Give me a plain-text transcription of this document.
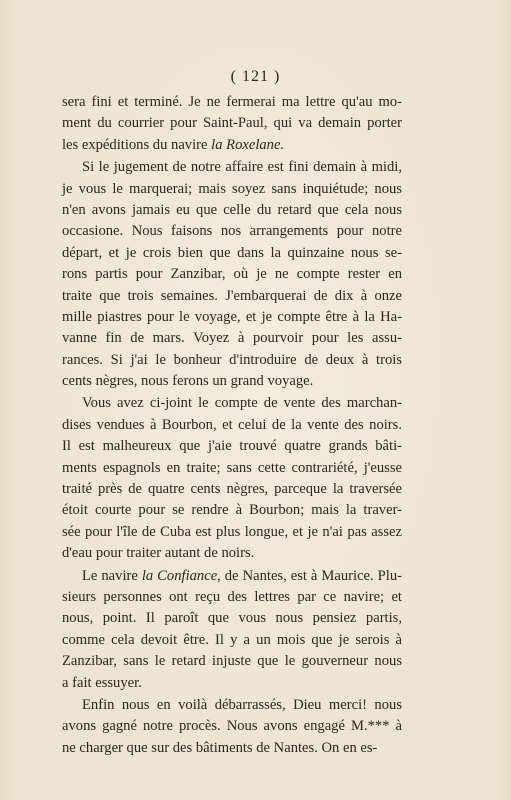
( 121 )
sera fini et terminé. Je ne fermerai ma lettre qu'au mo-
ment du courrier pour Saint-Paul, qui va demain porter
les expéditions du navire la Roxelane.
Si le jugement de notre affaire est fini demain à midi,
je vous le marquerai; mais soyez sans inquiétude; nous
n'en avons jamais eu que celle du retard que cela nous
occasione. Nous faisons nos arrangements pour notre
départ, et je crois bien que dans la quinzaine nous se-
rons partis pour Zanzibar, où je ne compte rester en
traite que trois semaines. J'embarquerai de dix à onze
mille piastres pour le voyage, et je compte être à la Ha-
vanne fin de mars. Voyez à pourvoir pour les assu-
rances. Si j'ai le bonheur d'introduire de deux à trois
cents nègres, nous ferons un grand voyage.
Vous avez ci-joint le compte de vente des marchan-
dises vendues à Bourbon, et celui de la vente des noirs.
Il est malheureux que j'aie trouvé quatre grands bâti-
ments espagnols en traite; sans cette contrariété, j'eusse
traité près de quatre cents nègres, parceque la traversée
étoit courte pour se rendre à Bourbon; mais la traver-
sée pour l'île de Cuba est plus longue, et je n'ai pas assez
d'eau pour traiter autant de noirs.
Le navire la Confiance, de Nantes, est à Maurice. Plu-
sieurs personnes ont reçu des lettres par ce navire; et
nous, point. Il paroît que vous nous pensiez partis,
comme cela devoit être. Il y a un mois que je serois à
Zanzibar, sans le retard injuste que le gouverneur nous
a fait essuyer.
Enfin nous en voilà débarrassés, Dieu merci! nous
avons gagné notre procès. Nous avons engagé M.*** à
ne charger que sur des bâtiments de Nantes. On en es-
